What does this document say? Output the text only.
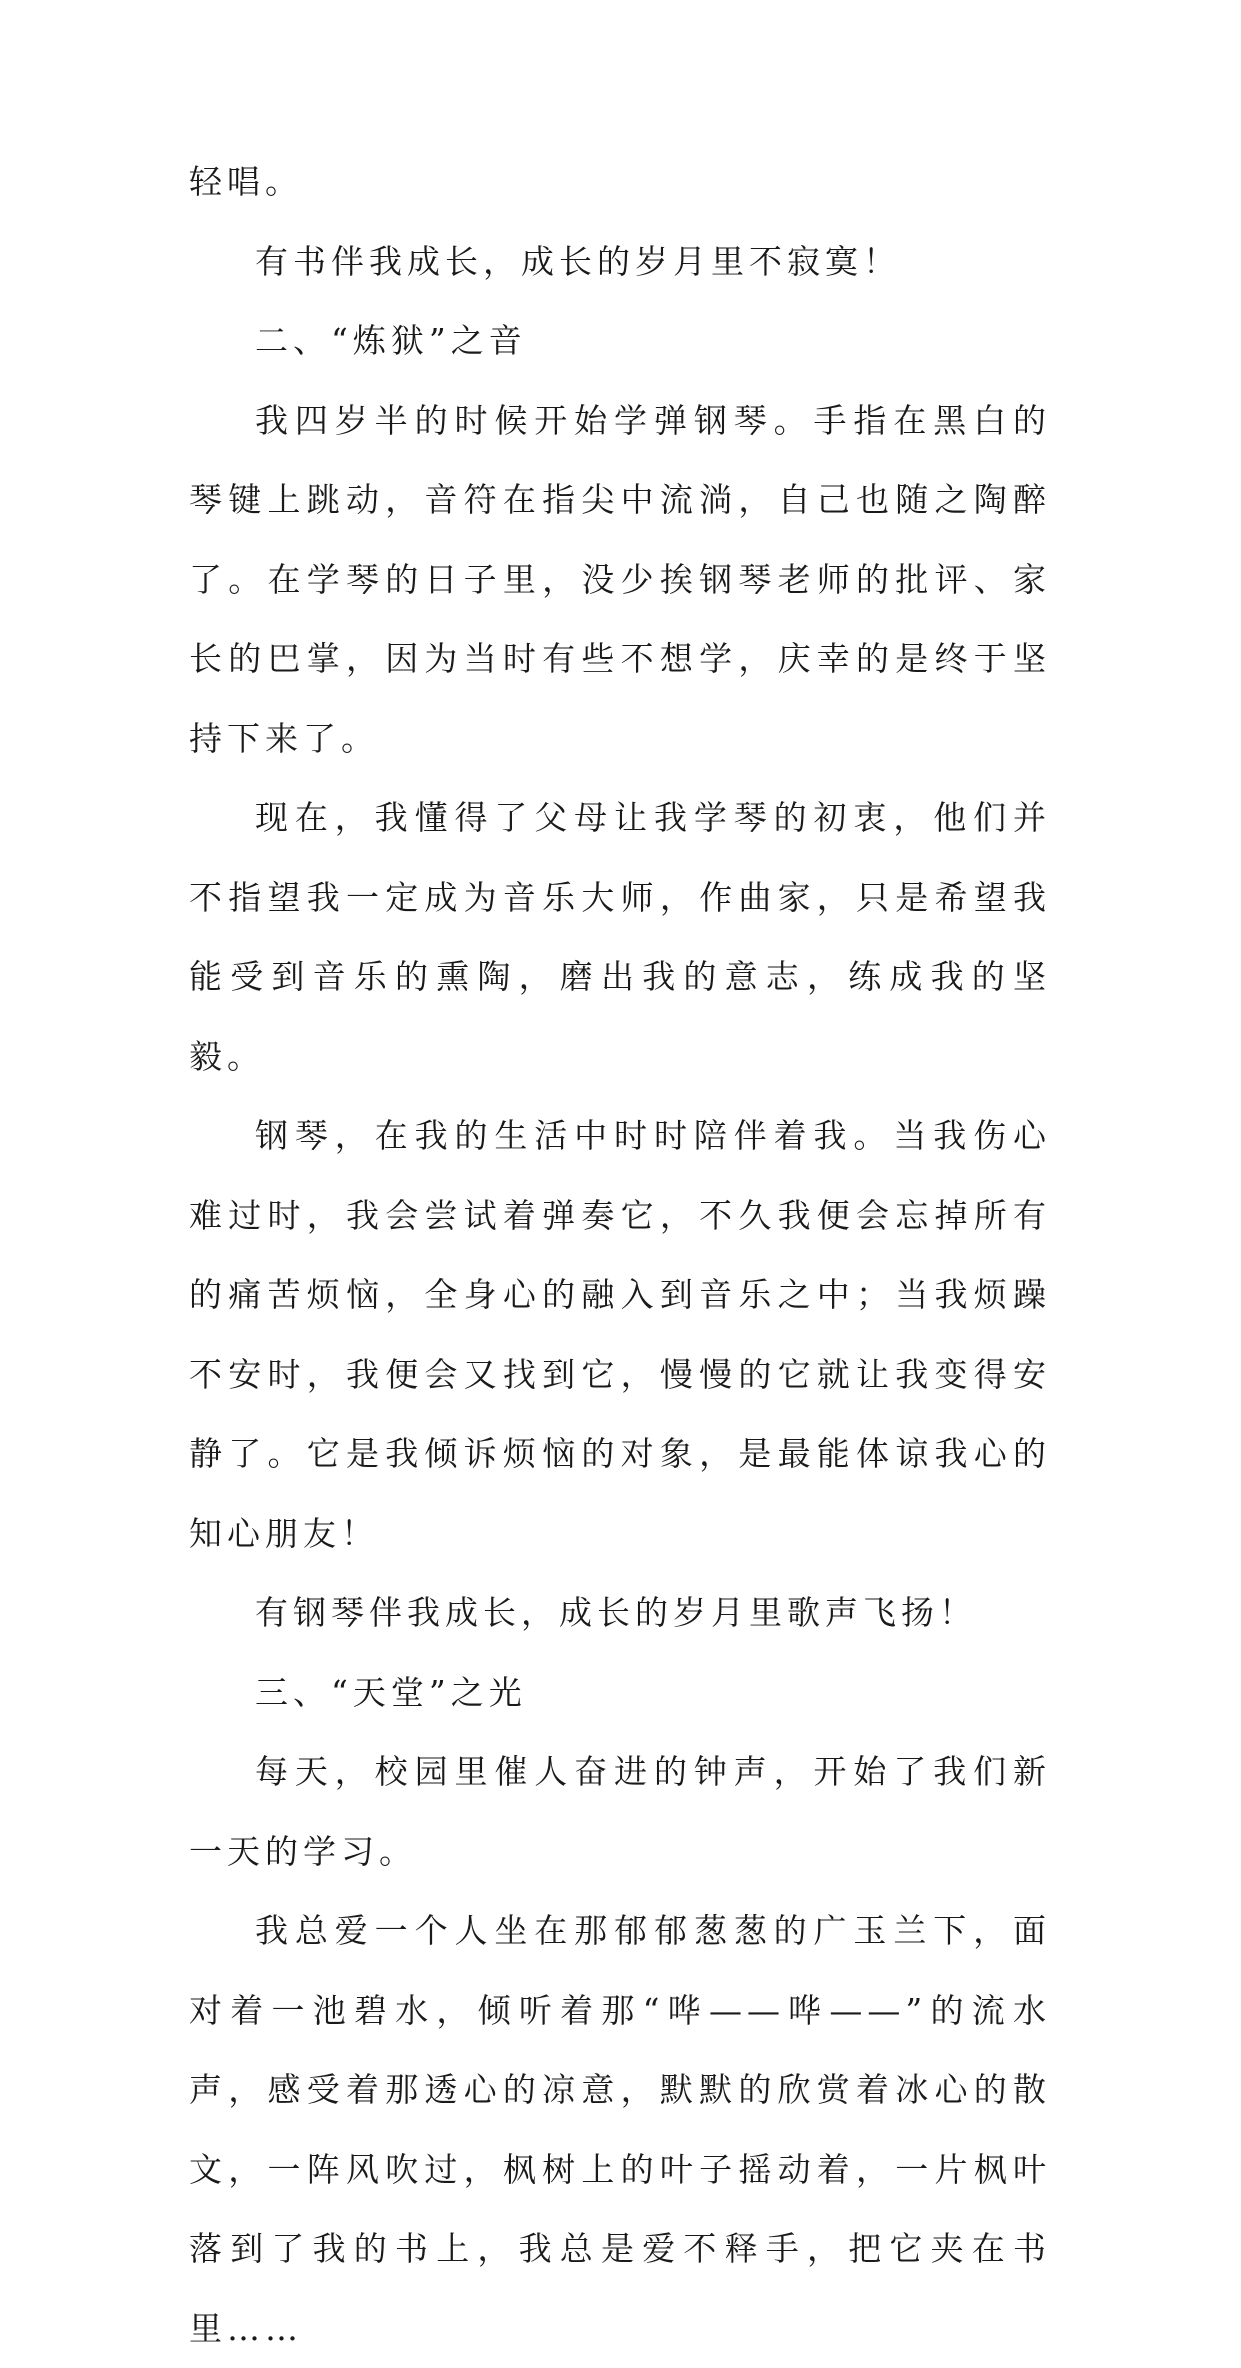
轻唱。

有书伴我成长，成长的岁月里不寂寞！

二、“炼狱”之音

我四岁半的时候开始学弹钢琴。手指在黑白的琴键上跳动，音符在指尖中流淌，自己也随之陶醉了。在学琴的日子里，没少挨钢琴老师的批评、家长的巴掌，因为当时有些不想学，庆幸的是终于坚持下来了。

现在，我懂得了父母让我学琴的初衷，他们并不指望我一定成为音乐大师，作曲家，只是希望我能受到音乐的熏陶，磨出我的意志，练成我的坚毅。

钢琴，在我的生活中时时陪伴着我。当我伤心难过时，我会尝试着弹奏它，不久我便会忘掉所有的痛苦烦恼，全身心的融入到音乐之中；当我烦躁不安时，我便会又找到它，慢慢的它就让我变得安静了。它是我倾诉烦恼的对象，是最能体谅我心的知心朋友！

有钢琴伴我成长，成长的岁月里歌声飞扬！

三、“天堂”之光

每天，校园里催人奋进的钟声，开始了我们新一天的学习。

我总爱一个人坐在那郁郁葱葱的广玉兰下，面对着一池碧水，倾听着那“哗——哗——”的流水声，感受着那透心的凉意，默默的欣赏着冰心的散文，一阵风吹过，枫树上的叶子摇动着，一片枫叶落到了我的书上，我总是爱不释手，把它夹在书里……
